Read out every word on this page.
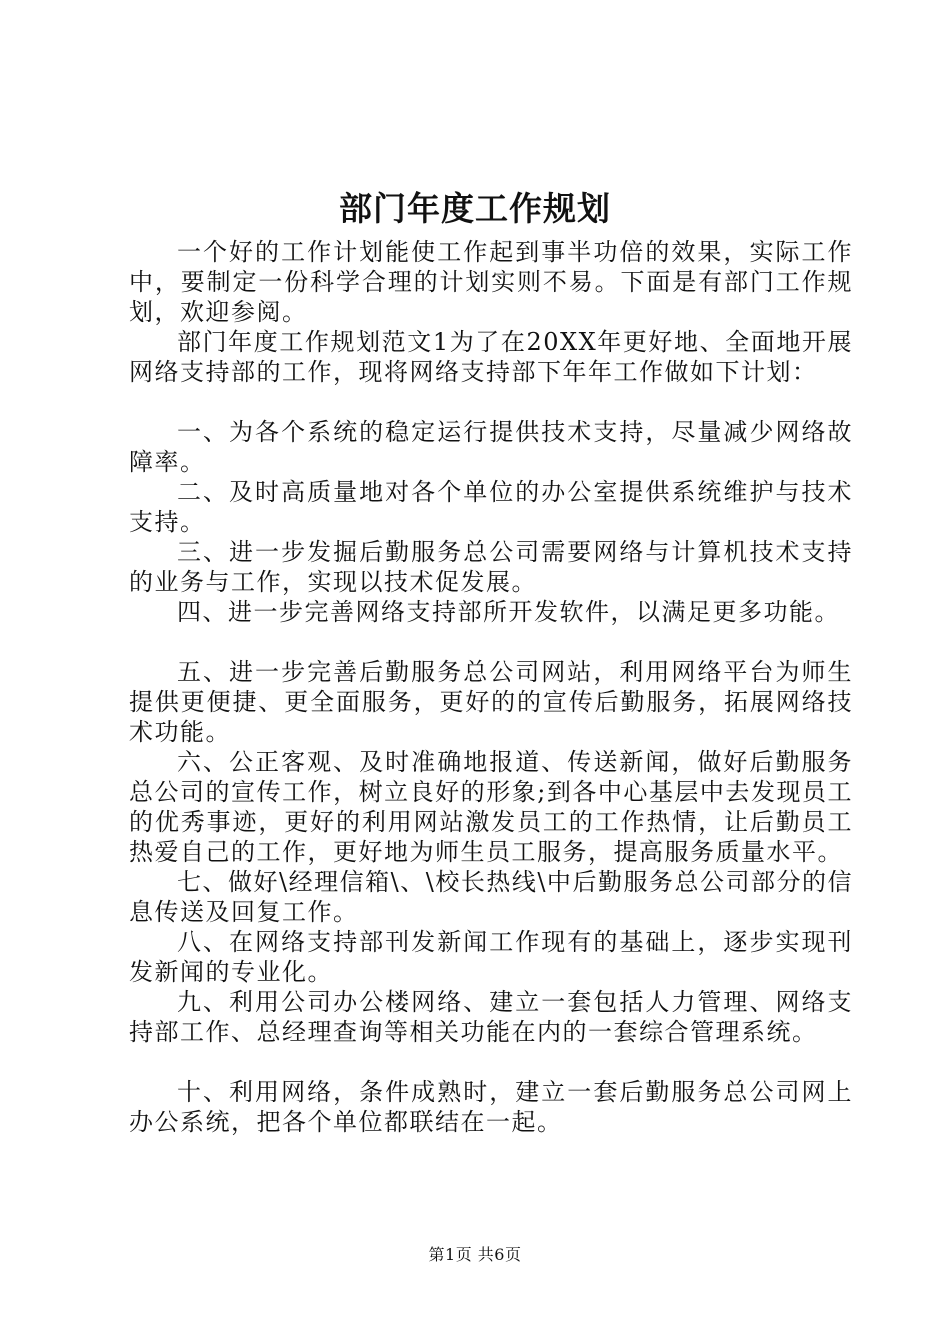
部门年度工作规划

一个好的工作计划能使工作起到事半功倍的效果，实际工作中，要制定一份科学合理的计划实则不易。下面是有部门工作规划，欢迎参阅。

部门年度工作规划范文1为了在20XX年更好地、全面地开展网络支持部的工作，现将网络支持部下年年工作做如下计划：

一、为各个系统的稳定运行提供技术支持，尽量减少网络故障率。

二、及时高质量地对各个单位的办公室提供系统维护与技术支持。

三、进一步发掘后勤服务总公司需要网络与计算机技术支持的业务与工作，实现以技术促发展。

四、进一步完善网络支持部所开发软件，以满足更多功能。

五、进一步完善后勤服务总公司网站，利用网络平台为师生提供更便捷、更全面服务，更好的的宣传后勤服务，拓展网络技术功能。

六、公正客观、及时准确地报道、传送新闻，做好后勤服务总公司的宣传工作，树立良好的形象;到各中心基层中去发现员工的优秀事迹，更好的利用网站激发员工的工作热情，让后勤员工热爱自己的工作，更好地为师生员工服务，提高服务质量水平。

七、做好\经理信箱\、\校长热线\中后勤服务总公司部分的信息传送及回复工作。

八、在网络支持部刊发新闻工作现有的基础上，逐步实现刊发新闻的专业化。

九、利用公司办公楼网络、建立一套包括人力管理、网络支持部工作、总经理查询等相关功能在内的一套综合管理系统。

十、利用网络，条件成熟时，建立一套后勤服务总公司网上办公系统，把各个单位都联结在一起。

第1页 共6页
